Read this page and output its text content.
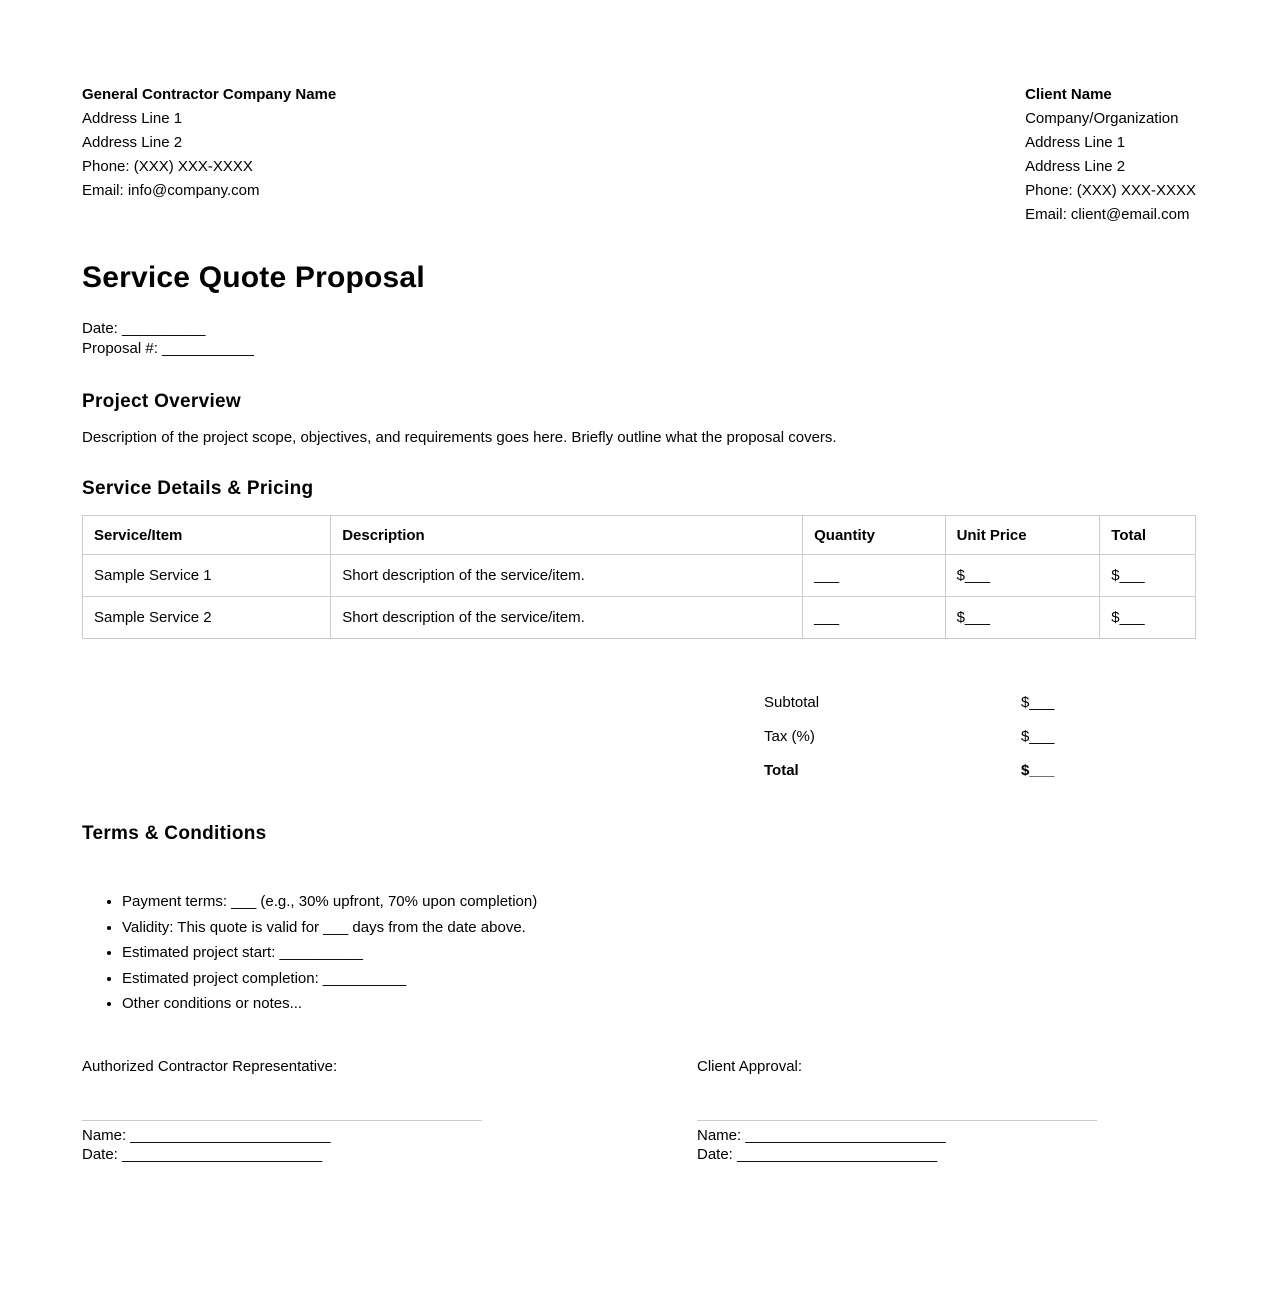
General Contractor Company Name
Address Line 1
Address Line 2
Phone: (XXX) XXX-XXXX
Email: info@company.com
Client Name
Company/Organization
Address Line 1
Address Line 2
Phone: (XXX) XXX-XXXX
Email: client@email.com
Service Quote Proposal
Date: __________
Proposal #: ___________
Project Overview

Description of the project scope, objectives, and requirements goes here. Briefly outline what the proposal covers.

Service Details & Pricing
Service/Item	Description	Quantity	Unit Price	Total
Sample Service 1	Short description of the service/item.	___	$___	$___
Sample Service 2	Short description of the service/item.	___	$___	$___
Subtotal	$___
Tax (%)	$___
Total	$___
Terms & Conditions
• Payment terms: ___ (e.g., 30% upfront, 70% upon completion)
• Validity: This quote is valid for ___ days from the date above.
• Estimated project start: __________
• Estimated project completion: __________
• Other conditions or notes...
Authorized Contractor Representative:
Name: ________________________
Date: ________________________
Client Approval:
Name: ________________________
Date: ________________________
